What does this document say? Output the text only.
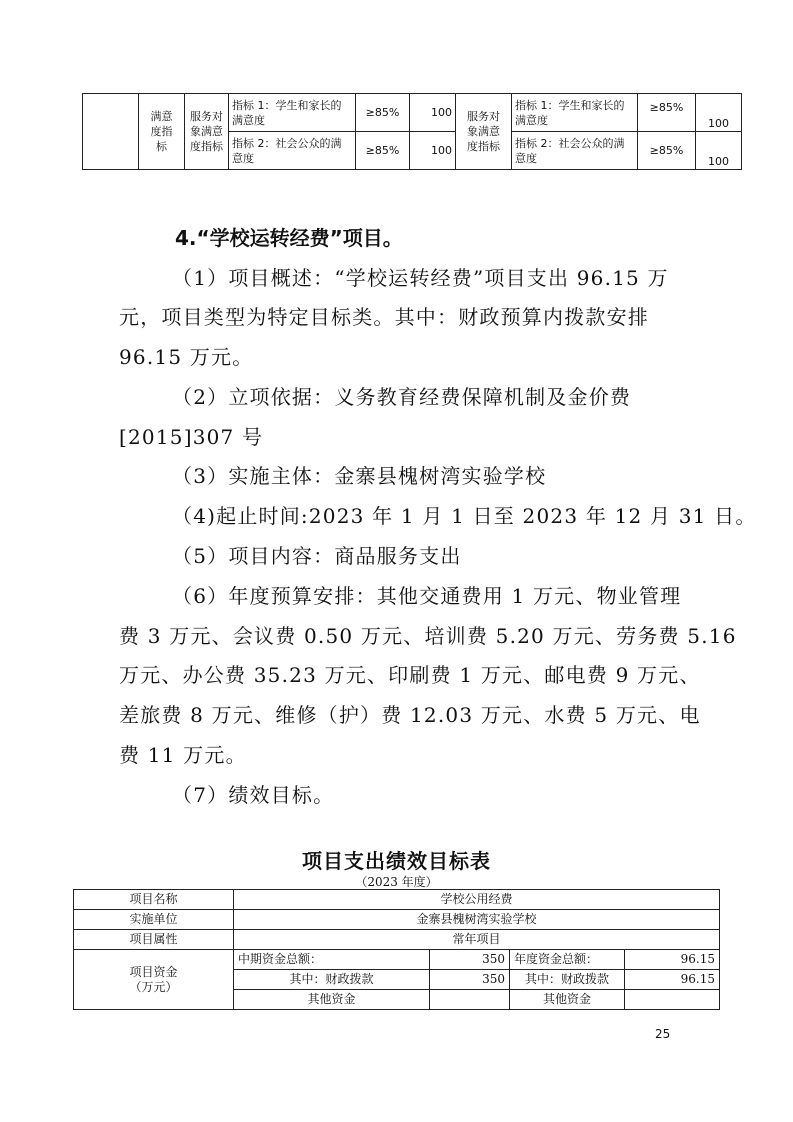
	满意
度指
标	服务对
象满意
度指标	指标 1：学生和家长的满意度	≥85%	100	服务对
象满意
度指标	指标 1：学生和家长的满意度	≥85%	100
			指标 2：社会公众的满意度	≥85%	100		指标 2：社会公众的满意度	≥85%	100
4.“学校运转经费”项目。
（1）项目概述：“学校运转经费”项目支出 96.15 万
元，项目类型为特定目标类。其中：财政预算内拨款安排
96.15 万元。
（2）立项依据：义务教育经费保障机制及金价费
[2015]307 号
（3）实施主体：金寨县槐树湾实验学校
（4)起止时间:2023 年 1 月 1 日至 2023 年 12 月 31 日。
（5）项目内容：商品服务支出
（6）年度预算安排：其他交通费用 1 万元、物业管理
费 3 万元、会议费 0.50 万元、培训费 5.20 万元、劳务费 5.16
万元、办公费 35.23 万元、印刷费 1 万元、邮电费 9 万元、
差旅费 8 万元、维修（护）费 12.03 万元、水费 5 万元、电
费 11 万元。
（7）绩效目标。
项目支出绩效目标表
（2023 年度）
项目名称	学校公用经费			
实施单位	金寨县槐树湾实验学校			
项目属性	常年项目			
项目资金
（万元）	中期资金总额：	350	年度资金总额：	96.15
	其中：财政拨款	350	其中：财政拨款	96.15
	其他资金		其他资金	
25
